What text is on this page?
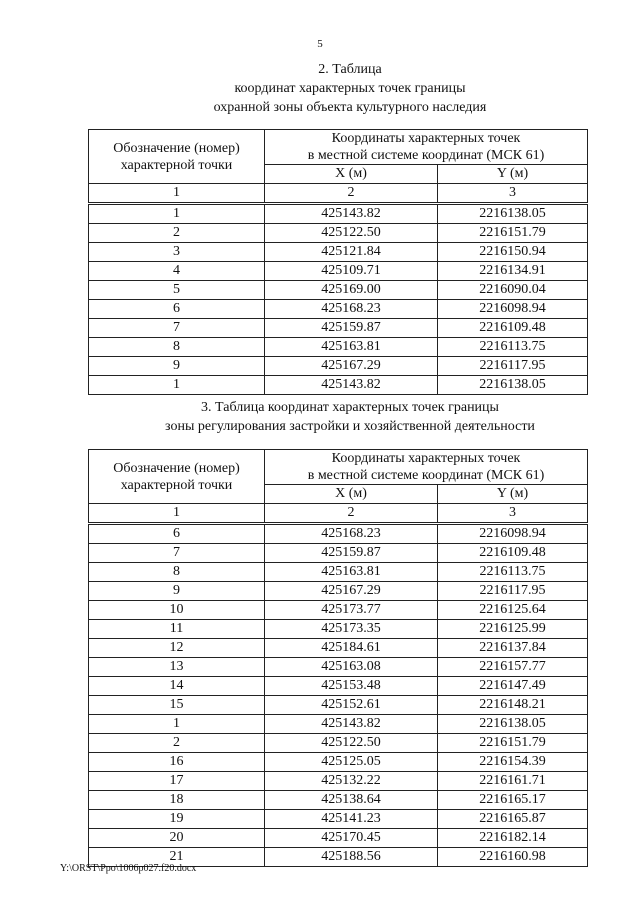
5
2. Таблица
координат характерных точек границы
охранной зоны объекта культурного наследия
Обозначение (номер)
характерной точки	Координаты характерных точек
в местной системе координат (МСК 61)	
	X (м)	Y (м)
1	2	3
1	425143.82	2216138.05
2	425122.50	2216151.79
3	425121.84	2216150.94
4	425109.71	2216134.91
5	425169.00	2216090.04
6	425168.23	2216098.94
7	425159.87	2216109.48
8	425163.81	2216113.75
9	425167.29	2216117.95
1	425143.82	2216138.05
3. Таблица координат характерных точек границы
зоны регулирования застройки и хозяйственной деятельности
Обозначение (номер)
характерной точки	Координаты характерных точек
в местной системе координат (МСК 61)	
	X (м)	Y (м)
1	2	3
6	425168.23	2216098.94
7	425159.87	2216109.48
8	425163.81	2216113.75
9	425167.29	2216117.95
10	425173.77	2216125.64
11	425173.35	2216125.99
12	425184.61	2216137.84
13	425163.08	2216157.77
14	425153.48	2216147.49
15	425152.61	2216148.21
1	425143.82	2216138.05
2	425122.50	2216151.79
16	425125.05	2216154.39
17	425132.22	2216161.71
18	425138.64	2216165.17
19	425141.23	2216165.87
20	425170.45	2216182.14
21	425188.56	2216160.98
Y:\ORST\Ppo\1006p027.f20.docx
